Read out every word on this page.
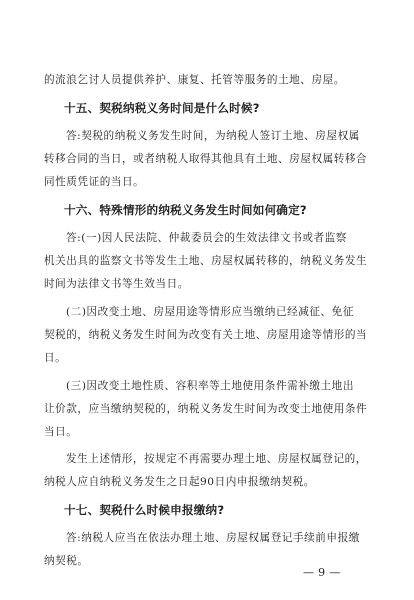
的流浪乞讨人员提供养护、康复、托管等服务的土地、房屋。
十五、契税纳税义务时间是什么时候?
答:契税的纳税义务发生时间，为纳税人签订土地、房屋权属
转移合同的当日，或者纳税人取得其他具有土地、房屋权属转移合
同性质凭证的当日。
十六、特殊情形的纳税义务发生时间如何确定?
答:(一)因人民法院、仲裁委员会的生效法律文书或者监察
机关出具的监察文书等发生土地、房屋权属转移的，纳税义务发生
时间为法律文书等生效当日。
(二)因改变土地、房屋用途等情形应当缴纳已经减征、免征
契税的，纳税义务发生时间为改变有关土地、房屋用途等情形的当
日。
(三)因改变土地性质、容积率等土地使用条件需补缴土地出
让价款，应当缴纳契税的，纳税义务发生时间为改变土地使用条件
当日。
发生上述情形，按规定不再需要办理土地、房屋权属登记的，
纳税人应自纳税义务发生之日起90日内申报缴纳契税。
十七、契税什么时候申报缴纳?
答:纳税人应当在依法办理土地、房屋权属登记手续前申报缴
纳契税。
— 9 —
